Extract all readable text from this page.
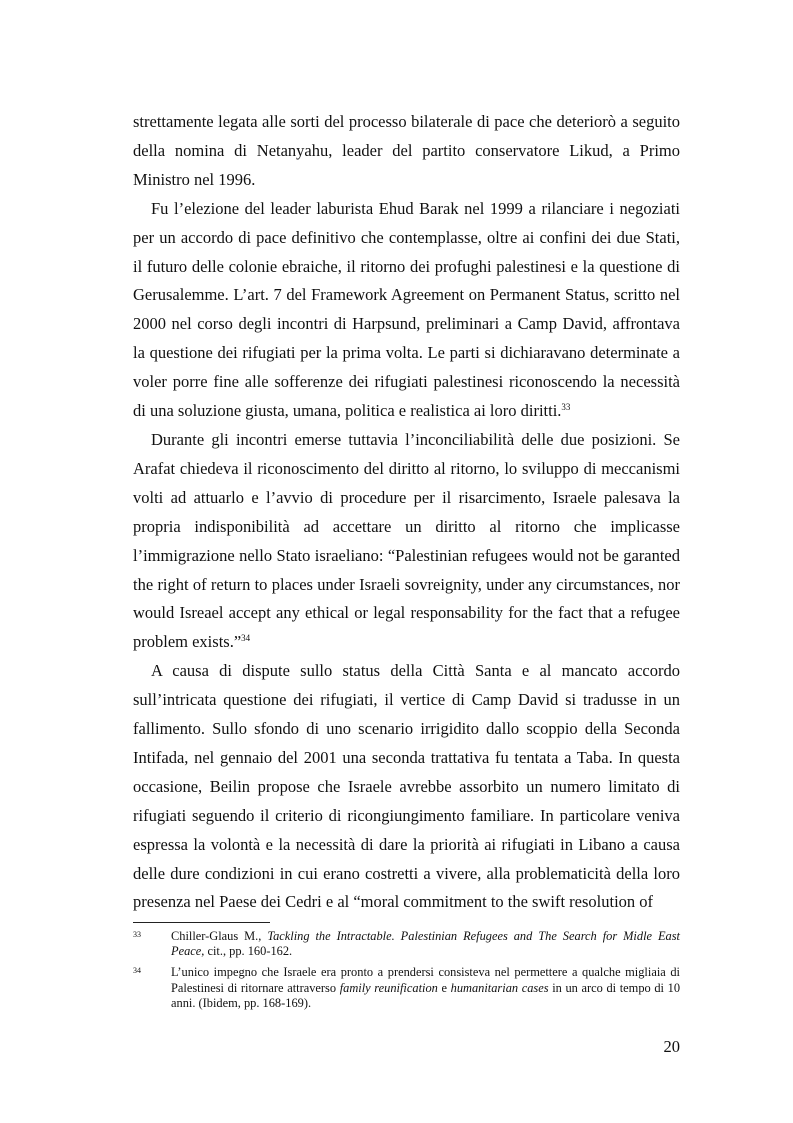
strettamente legata alle sorti del processo bilaterale di pace che deteriorò a seguito della nomina di Netanyahu, leader del partito conservatore Likud, a Primo Ministro nel 1996.

Fu l’elezione del leader laburista Ehud Barak nel 1999 a rilanciare i negoziati per un accordo di pace definitivo che contemplasse, oltre ai confini dei due Stati, il futuro delle colonie ebraiche, il ritorno dei profughi palestinesi e la questione di Gerusalemme. L’art. 7 del Framework Agreement on Permanent Status, scritto nel 2000 nel corso degli incontri di Harpsund, preliminari a Camp David, affrontava la questione dei rifugiati per la prima volta. Le parti si dichiaravano determinate a voler porre fine alle sofferenze dei rifugiati palestinesi riconoscendo la necessità di una soluzione giusta, umana, politica e realistica ai loro diritti.$^{33}$

Durante gli incontri emerse tuttavia l’inconciliabilità delle due posizioni. Se Arafat chiedeva il riconoscimento del diritto al ritorno, lo sviluppo di meccanismi volti ad attuarlo e l’avvio di procedure per il risarcimento, Israele palesava la propria indisponibilità ad accettare un diritto al ritorno che implicasse l’immigrazione nello Stato israeliano: “Palestinian refugees would not be garanted the right of return to places under Israeli sovreignity, under any circumstances, nor would Isreael accept any ethical or legal responsability for the fact that a refugee problem exists.”$^{34}$

A causa di dispute sullo status della Città Santa e al mancato accordo sull’intricata questione dei rifugiati, il vertice di Camp David si tradusse in un fallimento. Sullo sfondo di uno scenario irrigidito dallo scoppio della Seconda Intifada, nel gennaio del 2001 una seconda trattativa fu tentata a Taba. In questa occasione, Beilin propose che Israele avrebbe assorbito un numero limitato di rifugiati seguendo il criterio di ricongiungimento familiare. In particolare veniva espressa la volontà e la necessità di dare la priorità ai rifugiati in Libano a causa delle dure condizioni in cui erano costretti a vivere, alla problematicità della loro presenza nel Paese dei Cedri e al “moral commitment to the swift resolution of

33	Chiller-Glaus M., Tackling the Intractable. Palestinian Refugees and The Search for Midle East Peace, cit., pp. 160-162.
34	L’unico impegno che Israele era pronto a prendersi consisteva nel permettere a qualche migliaia di Palestinesi di ritornare attraverso family reunification e humanitarian cases in un arco di tempo di 10 anni. (Ibidem, pp. 168-169).
20
